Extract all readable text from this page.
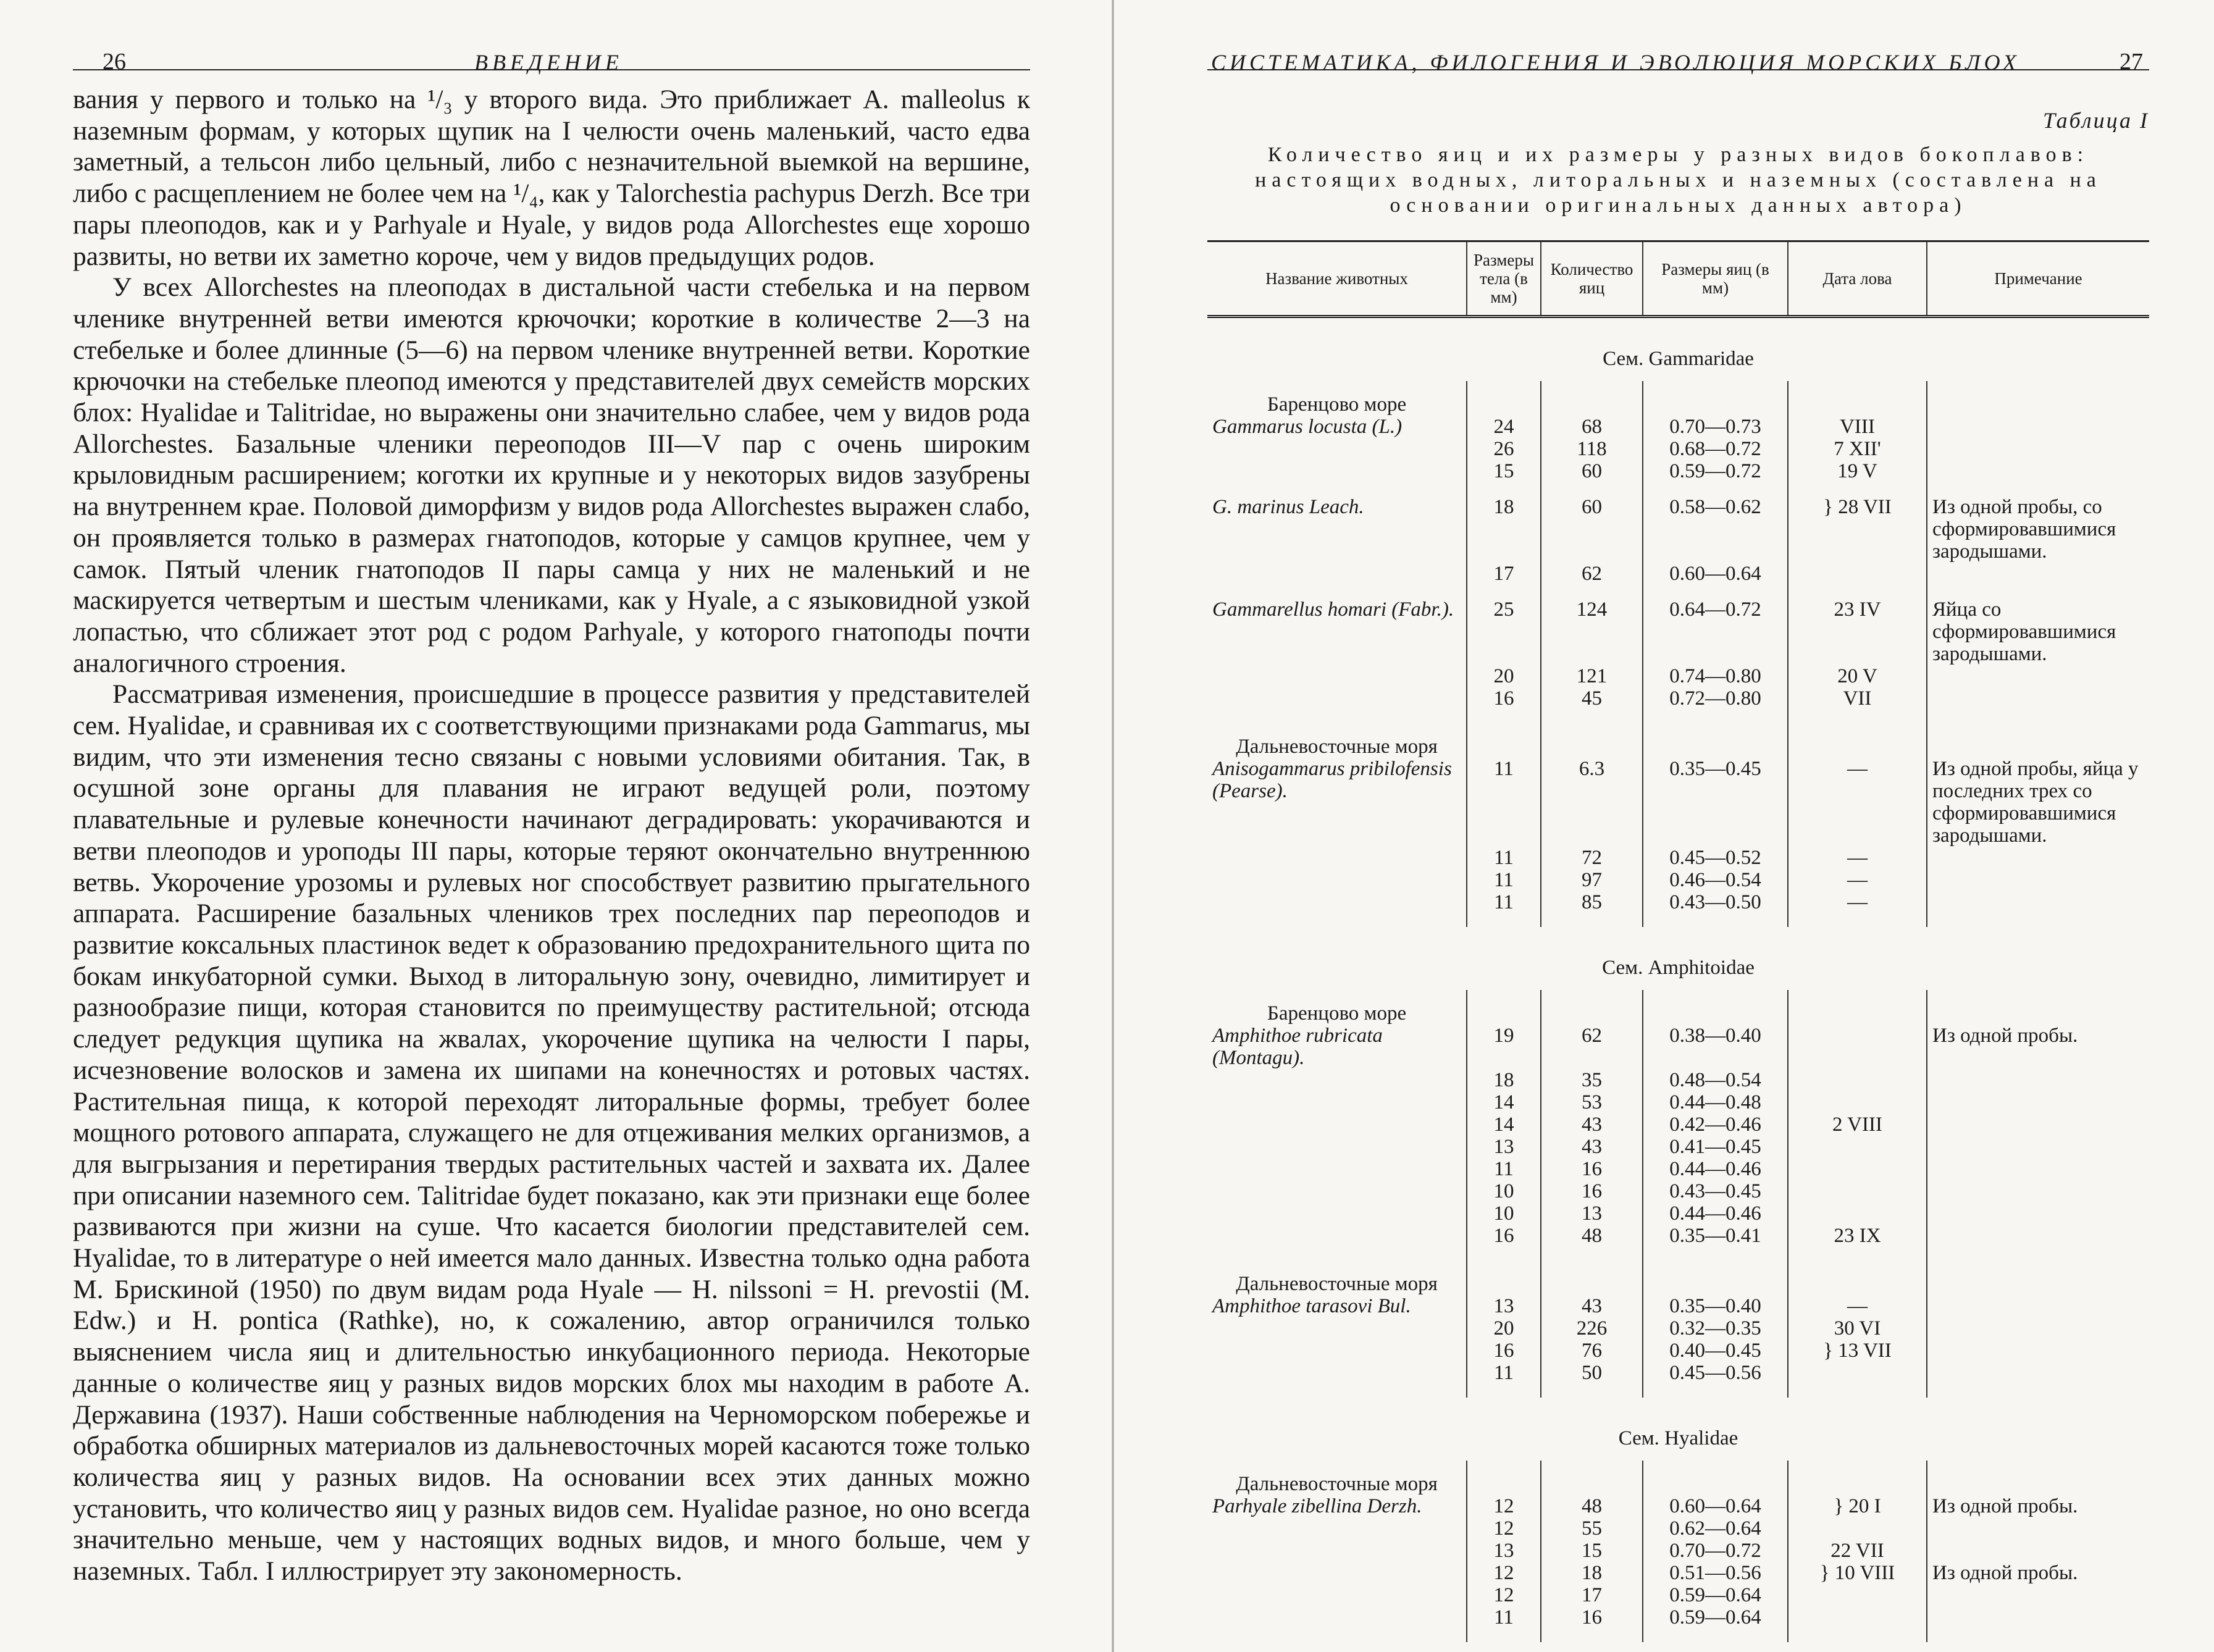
26	ВВЕДЕНИЕ

вания у первого и только на ¹/₃ у второго вида. Это приближает A. malleolus к наземным формам, у которых щупик на I челюсти очень маленький, часто едва заметный, а тельсон либо цельный, либо с незначительной выемкой на вершине, либо с расщеплением не более чем на ¹/₄, как у Talorchestia pachypus Derzh. Все три пары плеоподов, как и у Parhyale и Hyale, у видов рода Allorchestes еще хорошо развиты, но ветви их заметно короче, чем у видов предыдущих родов.

У всех Allorchestes на плеоподах в дистальной части стебелька и на первом членике внутренней ветви имеются крючочки; короткие в количестве 2—3 на стебельке и более длинные (5—6) на первом членике внутренней ветви. Короткие крючочки на стебельке плеопод имеются у представителей двух семейств морских блох: Hyalidae и Talitridae, но выражены они значительно слабее, чем у видов рода Allorchestes. Базальные членики переоподов III—V пар с очень широким крыловидным расширением; коготки их крупные и у некоторых видов зазубрены на внутреннем крае. Половой диморфизм у видов рода Allorchestes выражен слабо, он проявляется только в размерах гнатоподов, которые у самцов крупнее, чем у самок. Пятый членик гнатоподов II пары самца у них не маленький и не маскируется четвертым и шестым члениками, как у Hyale, а с языковидной узкой лопастью, что сближает этот род с родом Parhyale, у которого гнатоподы почти аналогичного строения.

Рассматривая изменения, происшедшие в процессе развития у представителей сем. Hyalidae, и сравнивая их с соответствующими признаками рода Gammarus, мы видим, что эти изменения тесно связаны с новыми условиями обитания. Так, в осушной зоне органы для плавания не играют ведущей роли, поэтому плавательные и рулевые конечности начинают деградировать: укорачиваются и ветви плеоподов и уроподы III пары, которые теряют окончательно внутреннюю ветвь. Укорочение урозомы и рулевых ног способствует развитию прыгательного аппарата. Расширение базальных члеников трех последних пар переоподов и развитие коксальных пластинок ведет к образованию предохранительного щита по бокам инкубаторной сумки. Выход в литоральную зону, очевидно, лимитирует и разнообразие пищи, которая становится по преимуществу растительной; отсюда следует редукция щупика на жвалах, укорочение щупика на челюсти I пары, исчезновение волосков и замена их шипами на конечностях и ротовых частях. Растительная пища, к которой переходят литоральные формы, требует более мощного ротового аппарата, служащего не для отцеживания мелких организмов, а для выгрызания и перетирания твердых растительных частей и захвата их. Далее при описании наземного сем. Talitridae будет показано, как эти признаки еще более развиваются при жизни на суше. Что касается биологии представителей сем. Hyalidae, то в литературе о ней имеется мало данных. Известна только одна работа М. Брискиной (1950) по двум видам рода Hyale — H. nilssoni = H. prevostii (M. Edw.) и H. pontica (Rathke), но, к сожалению, автор ограничился только выяснением числа яиц и длительностью инкубационного периода. Некоторые данные о количестве яиц у разных видов морских блох мы находим в работе А. Державина (1937). Наши собственные наблюдения на Черноморском побережье и обработка обширных материалов из дальневосточных морей касаются тоже только количества яиц у разных видов. На основании всех этих данных можно установить, что количество яиц у разных видов сем. Hyalidae разное, но оно всегда значительно меньше, чем у настоящих водных видов, и много больше, чем у наземных. Табл. I иллюстрирует эту закономерность.

СИСТЕМАТИКА, ФИЛОГЕНИЯ И ЭВОЛЮЦИЯ МОРСКИХ БЛОХ	27
Таблица I
Количество яиц и их размеры у разных видов бокоплавов: настоящих водных, литоральных и наземных (составлена на основании оригинальных данных автора)
Название животных	Размеры тела (в мм)	Количество яиц	Размеры яиц (в мм)	Дата лова	Примечание
Сем. Gammaridae					
Баренцово море					
Gammarus locusta (L.)	24	68	0.70—0.73	VIII	
	26	118	0.68—0.72	7 XII'	
	15	60	0.59—0.72	19 V	

G. marinus Leach.	18	60	0.58—0.62	} 28 VII	Из одной пробы, со сформировавшимися зародышами.
	17	62	0.60—0.64		

Gammarellus homari (Fabr.).	25	124	0.64—0.72	23 IV	Яйца со сформировавшимися зародышами.
	20	121	0.74—0.80	20 V	
	16	45	0.72—0.80	VII	

Дальневосточные моря					
Anisogammarus pribilofensis (Pearse).	11	6.3	0.35—0.45	—	Из одной пробы, яйца у последних трех со сформировавшимися зародышами.
	11	72	0.45—0.52	—	
	11	97	0.46—0.54	—	
	11	85	0.43—0.50	—	

Сем. Amphitoidae					
Баренцово море					
Amphithoe rubricata (Montagu).	19	62	0.38—0.40		Из одной пробы.
	18	35	0.48—0.54		
	14	53	0.44—0.48		
	14	43	0.42—0.46	2 VIII	
	13	43	0.41—0.45		
	11	16	0.44—0.46		
	10	16	0.43—0.45		
	10	13	0.44—0.46		
	16	48	0.35—0.41	23 IX	

Дальневосточные моря					
Amphithoe tarasovi Bul.	13	43	0.35—0.40	—	
	20	226	0.32—0.35	30 VI	
	16	76	0.40—0.45	} 13 VII	
	11	50	0.45—0.56		

Сем. Hyalidae					
Дальневосточные моря					
Parhyale zibellina Derzh.	12	48	0.60—0.64	} 20 I	Из одной пробы.
	12	55	0.62—0.64		
	13	15	0.70—0.72	22 VII	
	12	18	0.51—0.56	} 10 VIII	Из одной пробы.
	12	17	0.59—0.64		
	11	16	0.59—0.64		
